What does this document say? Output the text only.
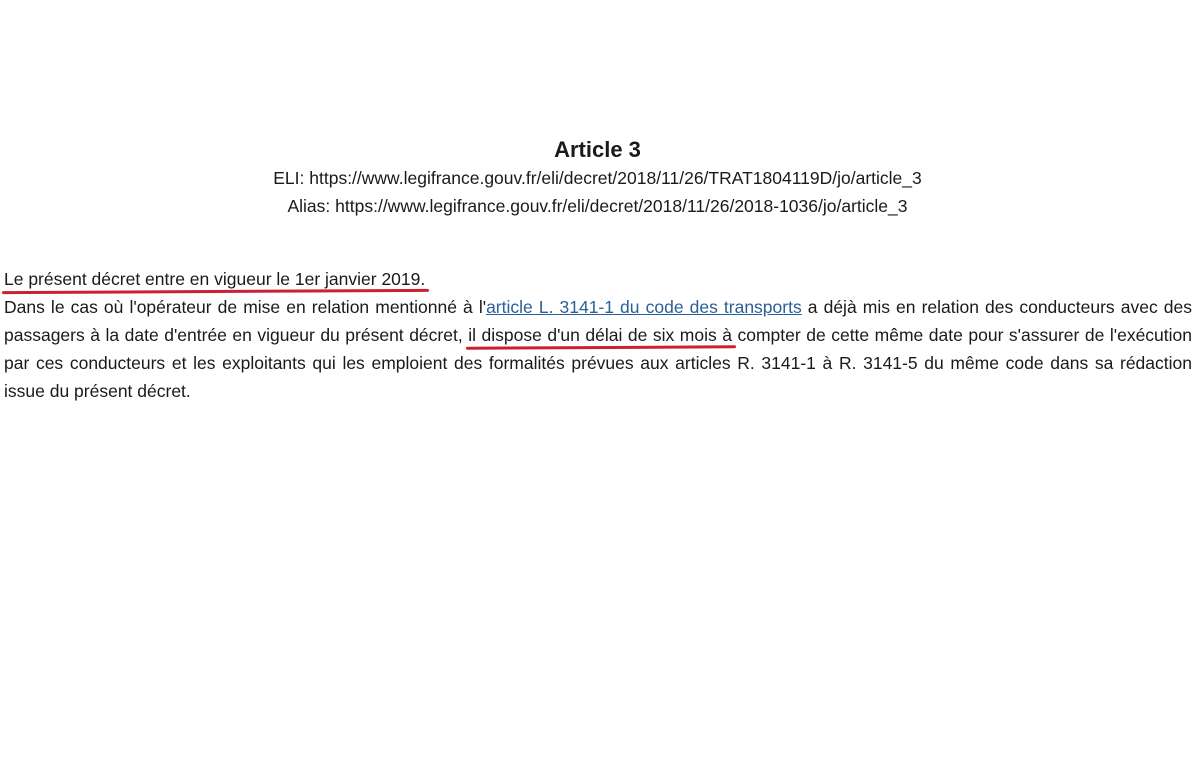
Article 3
ELI: https://www.legifrance.gouv.fr/eli/decret/2018/11/26/TRAT1804119D/jo/article_3
Alias: https://www.legifrance.gouv.fr/eli/decret/2018/11/26/2018-1036/jo/article_3

Le présent décret entre en vigueur le 1er janvier 2019.

Dans le cas où l'opérateur de mise en relation mentionné à l'article L. 3141-1 du code des transports a déjà mis en relation des conducteurs avec des passagers à la date d'entrée en vigueur du présent décret, il dispose d'un délai de six mois à
compter de cette même date pour s'assurer de l'exécution par ces conducteurs et les exploitants qui les emploient des formalités prévues aux articles R. 3141-1 à R. 3141-5 du même code dans sa rédaction issue du présent décret.
